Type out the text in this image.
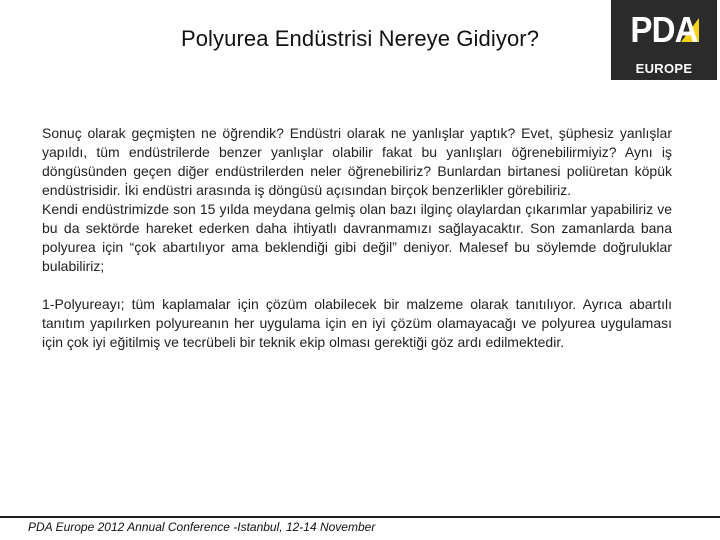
Polyurea Endüstrisi Nereye Gidiyor?	PDA
EUROPE

Sonuç olarak geçmişten ne öğrendik? Endüstri olarak ne yanlışlar yaptık? Evet, şüphesiz yanlışlar yapıldı, tüm endüstrilerde benzer yanlışlar olabilir fakat bu yanlışları öğrenebilirmiyiz? Aynı iş döngüsünden geçen diğer endüstrilerden neler öğrenebiliriz? Bunlardan birtanesi poliüretan köpük endüstrisidir. İki endüstri arasında iş döngüsü açısından birçok benzerlikler görebiliriz.

Kendi endüstrimizde son 15 yılda meydana gelmiş olan bazı ilginç olaylardan çıkarımlar yapabiliriz ve bu da sektörde hareket ederken daha ihtiyatlı davranmamızı sağlayacaktır. Son zamanlarda bana polyurea için “çok abartılıyor ama beklendiği gibi değil” deniyor. Malesef bu söylemde doğruluklar bulabiliriz;

1-Polyureayı; tüm kaplamalar için çözüm olabilecek bir malzeme olarak tanıtılıyor. Ayrıca abartılı tanıtım yapılırken polyureanın her uygulama için en iyi çözüm olamayacağı ve polyurea uygulaması için çok iyi eğitilmiş ve tecrübeli bir teknik ekip olması gerektiği göz ardı edilmektedir.

PDA Europe 2012 Annual Conference -Istanbul, 12-14 November
